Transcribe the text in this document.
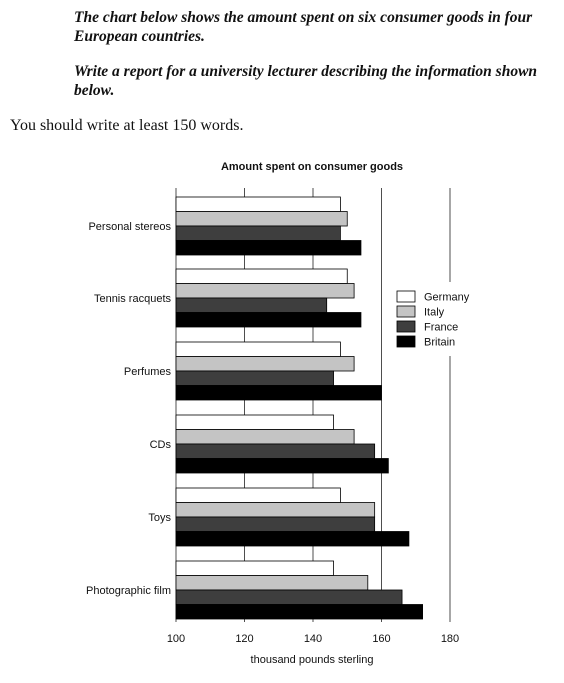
The chart below shows the amount spent on six consumer goods in four European countries.

Write a report for a university lecturer describing the information shown below.

You should write at least 150 words.
Amount spent on consumer goods
Personal stereos
Tennis racquets
Perfumes
CDs
Toys
Photographic film
100	120	140	160	180
thousand pounds sterling
Germany
Italy
France
Britain
